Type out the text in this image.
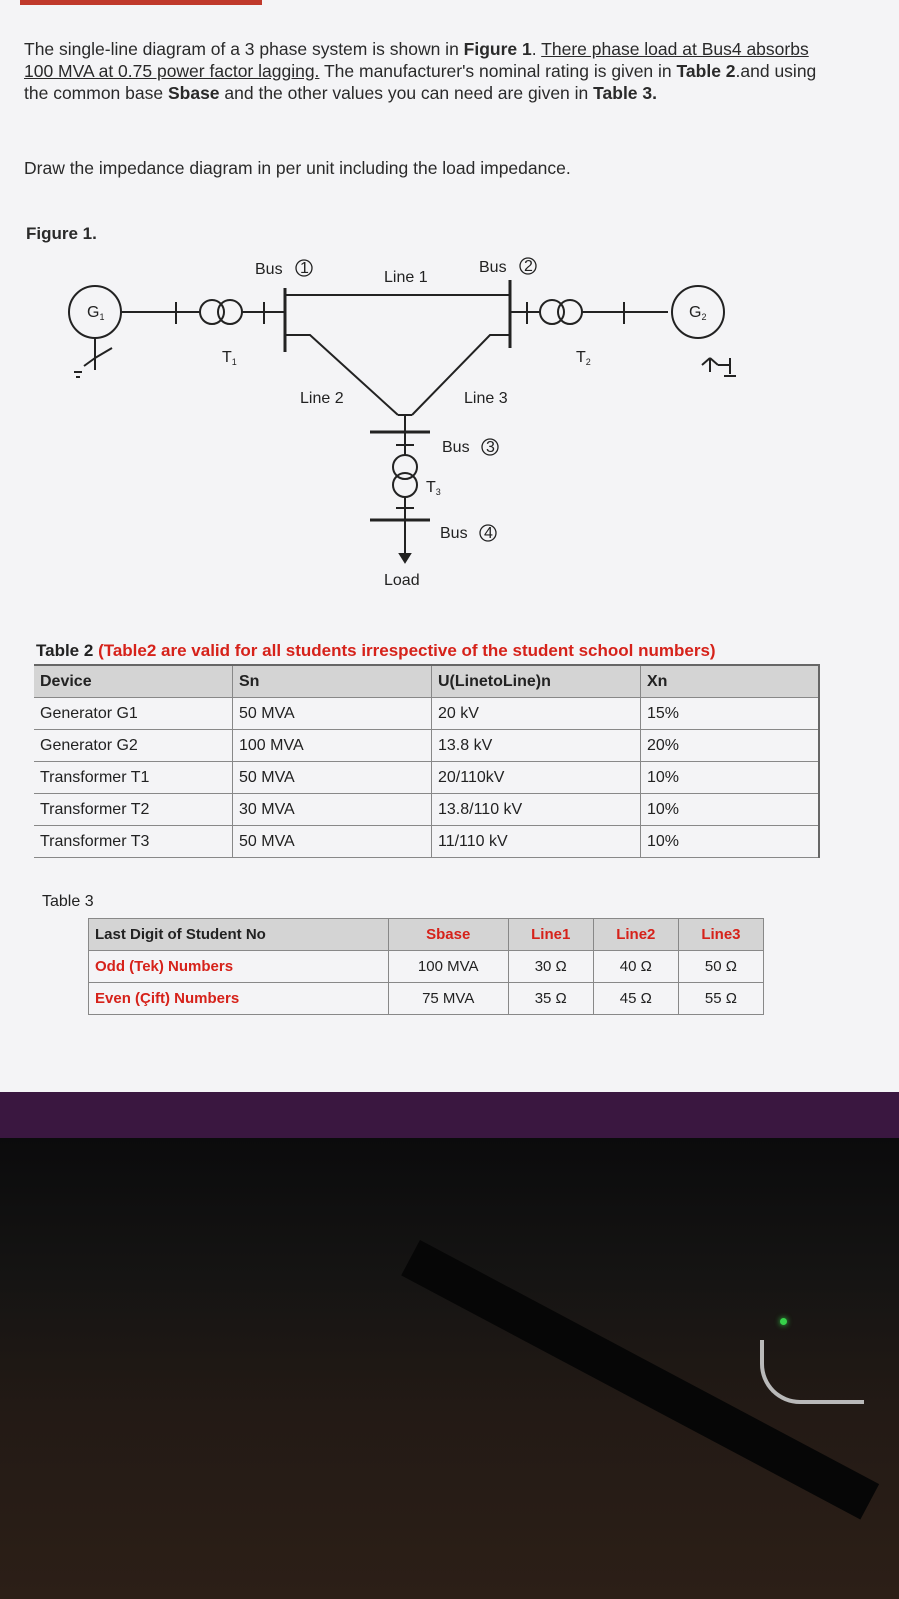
The single-line diagram of a 3 phase system is shown in Figure 1. There phase load at Bus4 absorbs 100 MVA at 0.75 power factor lagging. The manufacturer's nominal rating is given in Table 2.and using the common base Sbase and the other values you can need are given in Table 3.
Draw the impedance diagram in per unit including the load impedance.
Figure 1.
Bus 1
Line 1
Bus 2
G1	G2
T1	T2
T3
Line 2	Line 3
Bus 3
Bus 4
Load
Table 2 (Table2 are valid for all students irrespective of the student school numbers)
Device	Sn	U(LinetoLine)n	Xn
Generator G1	50 MVA	20 kV	15%
Generator G2	100 MVA	13.8 kV	20%
Transformer T1	50 MVA	20/110kV	10%
Transformer T2	30 MVA	13.8/110 kV	10%
Transformer T3	50 MVA	11/110 kV	10%
Table 3
Last Digit of Student No	Sbase	Line1	Line2	Line3
Odd (Tek) Numbers	100 MVA	30 Ω	40 Ω	50 Ω
Even (Çift) Numbers	75 MVA	35 Ω	45 Ω	55 Ω
